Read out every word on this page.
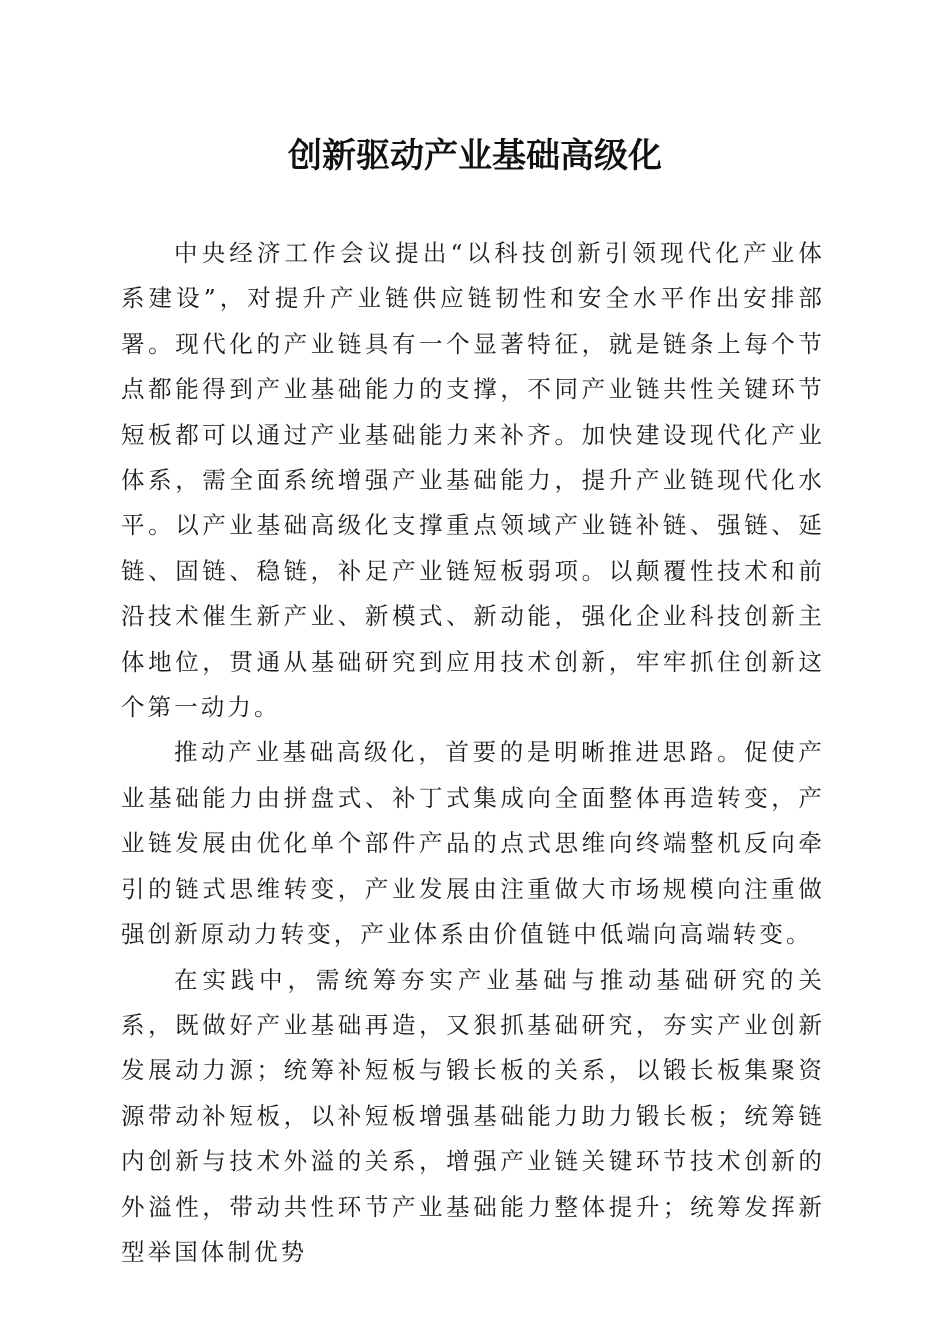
创新驱动产业基础高级化

中央经济工作会议提出“以科技创新引领现代化产业体系建设”，对提升产业链供应链韧性和安全水平作出安排部署。现代化的产业链具有一个显著特征，就是链条上每个节点都能得到产业基础能力的支撑，不同产业链共性关键环节短板都可以通过产业基础能力来补齐。加快建设现代化产业体系，需全面系统增强产业基础能力，提升产业链现代化水平。以产业基础高级化支撑重点领域产业链补链、强链、延链、固链、稳链，补足产业链短板弱项。以颠覆性技术和前沿技术催生新产业、新模式、新动能，强化企业科技创新主体地位，贯通从基础研究到应用技术创新，牢牢抓住创新这个第一动力。

推动产业基础高级化，首要的是明晰推进思路。促使产业基础能力由拼盘式、补丁式集成向全面整体再造转变，产业链发展由优化单个部件产品的点式思维向终端整机反向牵引的链式思维转变，产业发展由注重做大市场规模向注重做强创新原动力转变，产业体系由价值链中低端向高端转变。

在实践中，需统筹夯实产业基础与推动基础研究的关系，既做好产业基础再造，又狠抓基础研究，夯实产业创新发展动力源；统筹补短板与锻长板的关系，以锻长板集聚资源带动补短板，以补短板增强基础能力助力锻长板；统筹链内创新与技术外溢的关系，增强产业链关键环节技术创新的外溢性，带动共性环节产业基础能力整体提升；统筹发挥新型举国体制优势
